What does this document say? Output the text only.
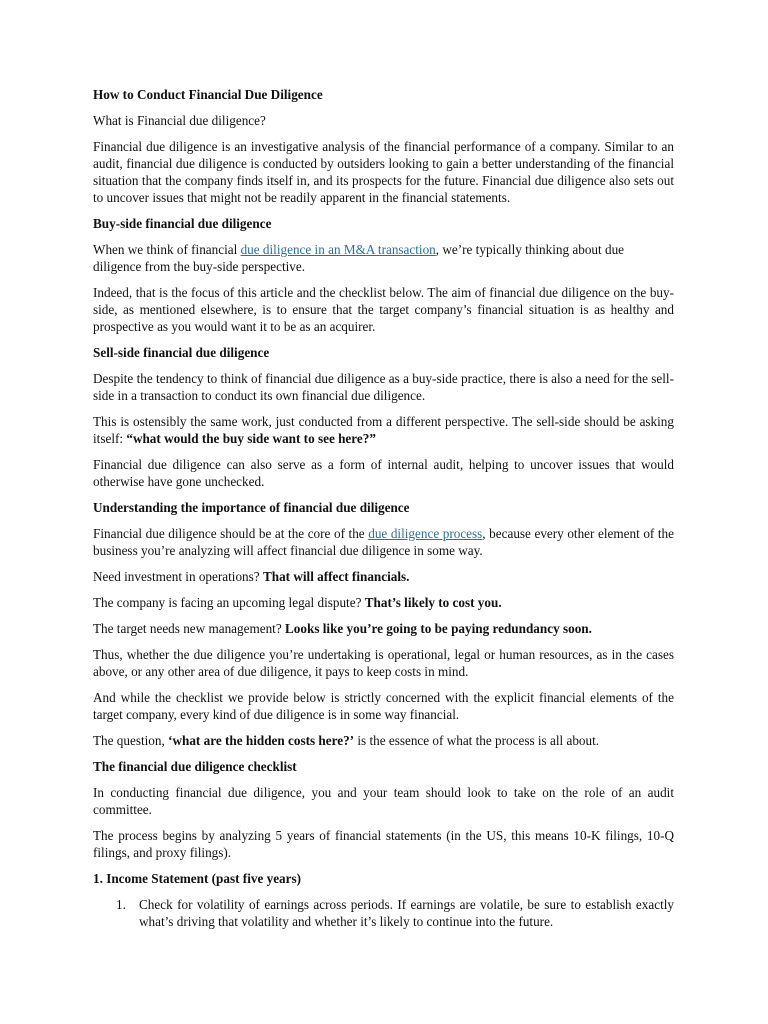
How to Conduct Financial Due Diligence

What is Financial due diligence?

Financial due diligence is an investigative analysis of the financial performance of a company. Similar to an audit, financial due diligence is conducted by outsiders looking to gain a better understanding of the financial situation that the company finds itself in, and its prospects for the future. Financial due diligence also sets out to uncover issues that might not be readily apparent in the financial statements.

Buy-side financial due diligence

When we think of financial due diligence in an M&A transaction, we’re typically thinking about due diligence from the buy-side perspective.

Indeed, that is the focus of this article and the checklist below. The aim of financial due diligence on the buy-side, as mentioned elsewhere, is to ensure that the target company’s financial situation is as healthy and prospective as you would want it to be as an acquirer.

Sell-side financial due diligence

Despite the tendency to think of financial due diligence as a buy-side practice, there is also a need for the sell-side in a transaction to conduct its own financial due diligence.

This is ostensibly the same work, just conducted from a different perspective. The sell-side should be asking itself: “what would the buy side want to see here?”

Financial due diligence can also serve as a form of internal audit, helping to uncover issues that would otherwise have gone unchecked.

Understanding the importance of financial due diligence

Financial due diligence should be at the core of the due diligence process, because every other element of the business you’re analyzing will affect financial due diligence in some way.

Need investment in operations? That will affect financials.

The company is facing an upcoming legal dispute? That’s likely to cost you.

The target needs new management? Looks like you’re going to be paying redundancy soon.

Thus, whether the due diligence you’re undertaking is operational, legal or human resources, as in the cases above, or any other area of due diligence, it pays to keep costs in mind.

And while the checklist we provide below is strictly concerned with the explicit financial elements of the target company, every kind of due diligence is in some way financial.

The question, ‘what are the hidden costs here?’ is the essence of what the process is all about.

The financial due diligence checklist

In conducting financial due diligence, you and your team should look to take on the role of an audit committee.

The process begins by analyzing 5 years of financial statements (in the US, this means 10-K filings, 10-Q filings, and proxy filings).

1. Income Statement (past five years)

1. Check for volatility of earnings across periods. If earnings are volatile, be sure to establish exactly what’s driving that volatility and whether it’s likely to continue into the future.
